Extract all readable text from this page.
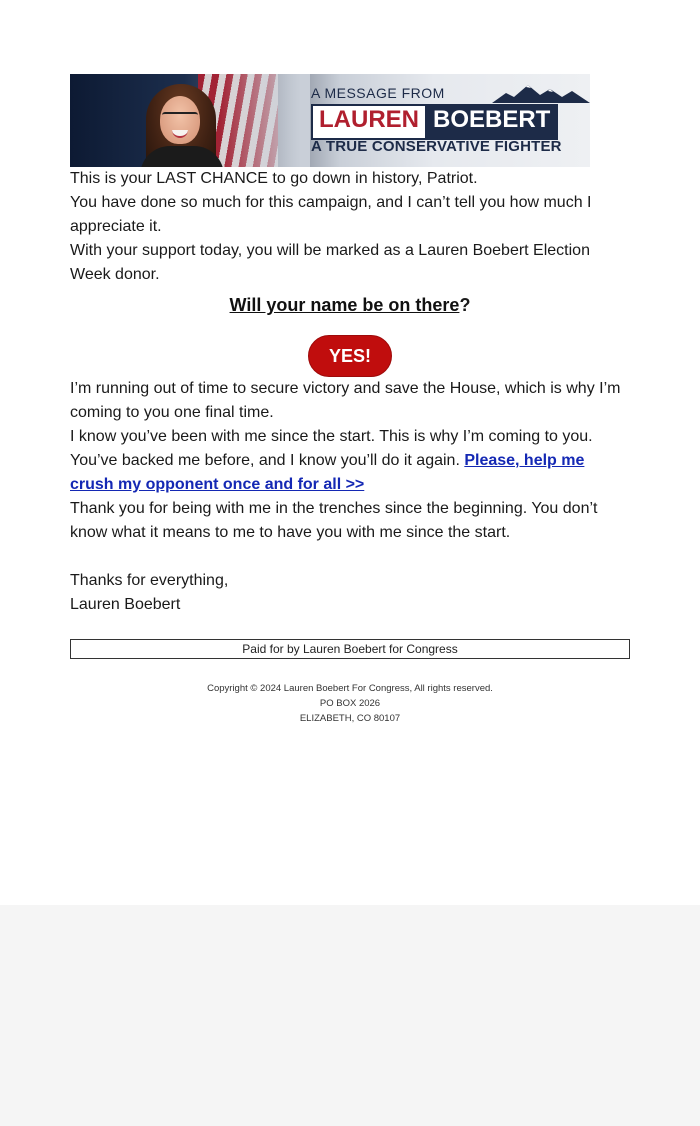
A MESSAGE FROM
LAUREN BOEBERT
A TRUE CONSERVATIVE FIGHTER

This is your LAST CHANCE to go down in history, Patriot.

You have done so much for this campaign, and I can’t tell you how much I appreciate it.

With your support today, you will be marked as a Lauren Boebert Election Week donor.

Will your name be on there?
YES!

I’m running out of time to secure victory and save the House, which is why I’m coming to you one final time.

I know you’ve been with me since the start. This is why I’m coming to you.

You’ve backed me before, and I know you’ll do it again. Please, help me crush my opponent once and for all >>

Thank you for being with me in the trenches since the beginning. You don’t know what it means to me to have you with me since the start.

Thanks for everything,

Lauren Boebert

Paid for by Lauren Boebert for Congress
Copyright © 2024 Lauren Boebert For Congress, All rights reserved.
PO BOX 2026
ELIZABETH, CO 80107
